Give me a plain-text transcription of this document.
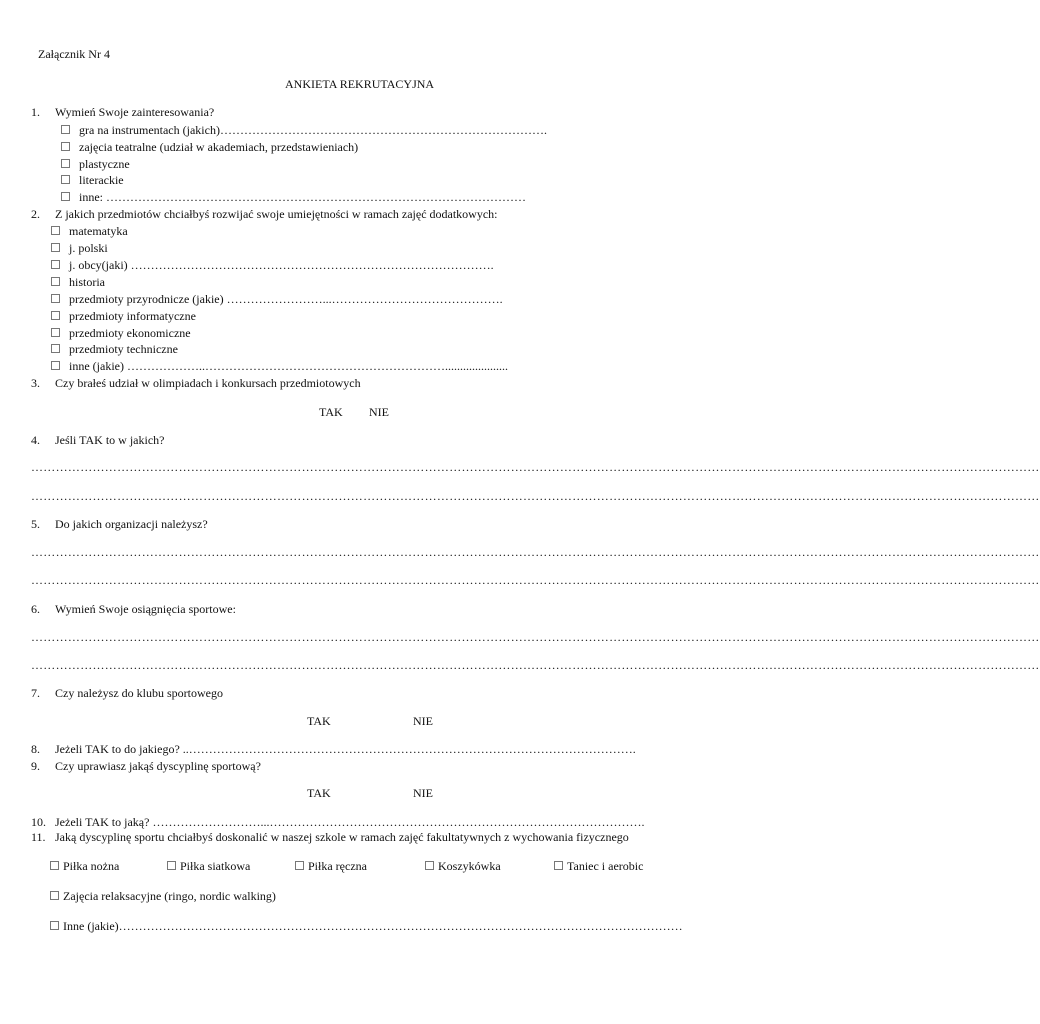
Załącznik Nr 4
ANKIETA REKRUTACYJNA
1. Wymień Swoje zainteresowania?
gra na instrumentach (jakich)……………………………………………………………………….
zajęcia teatralne (udział w akademiach, przedstawieniach)
plastyczne
literackie
inne: ……………………………………………………………………………………………
2. Z jakich przedmiotów chciałbyś rozwijać swoje umiejętności w ramach zajęć dodatkowych:
matematyka
j. polski
j. obcy(jaki) ……………………………………………………………………………….
historia
przedmioty przyrodnicze (jakie) ……………………...…………………………………….
przedmioty informatyczne
przedmioty ekonomiczne
przedmioty techniczne
inne (jakie) ………………..…………………………………………………….....................
3. Czy brałeś udział w olimpiadach i konkursach przedmiotowych
TAK NIE
4. Jeśli TAK to w jakich?
…………………………………………………………………………………………………………………………………………………………………………………………………………………………
…………………………………………………………………………………………………………………………………………………………………………………………………………………………
5. Do jakich organizacji należysz?
…………………………………………………………………………………………………………………………………………………………………………………………………………………………
…………………………………………………………………………………………………………………………………………………………………………………………………………………………
6. Wymień Swoje osiągnięcia sportowe:
…………………………………………………………………………………………………………………………………………………………………………………………………………………………
…………………………………………………………………………………………………………………………………………………………………………………………………………………………
7. Czy należysz do klubu sportowego
TAK	NIE
8. Jeżeli TAK to do jakiego? ..………………………………………………………………………………………………….
9. Czy uprawiasz jakąś dyscyplinę sportową?
TAK	NIE
10. Jeżeli TAK to jaką? ………………………...………………………………………………………………………………….
11. Jaką dyscyplinę sportu chciałbyś doskonalić w naszej szkole w ramach zajęć fakultatywnych z wychowania fizycznego
Piłka nożna	Piłka siatkowa	Piłka ręczna	Koszykówka	Taniec i aerobic
Zajęcia relaksacyjne (ringo, nordic walking)
Inne (jakie)……………………………………………………………………………………………………………………………
